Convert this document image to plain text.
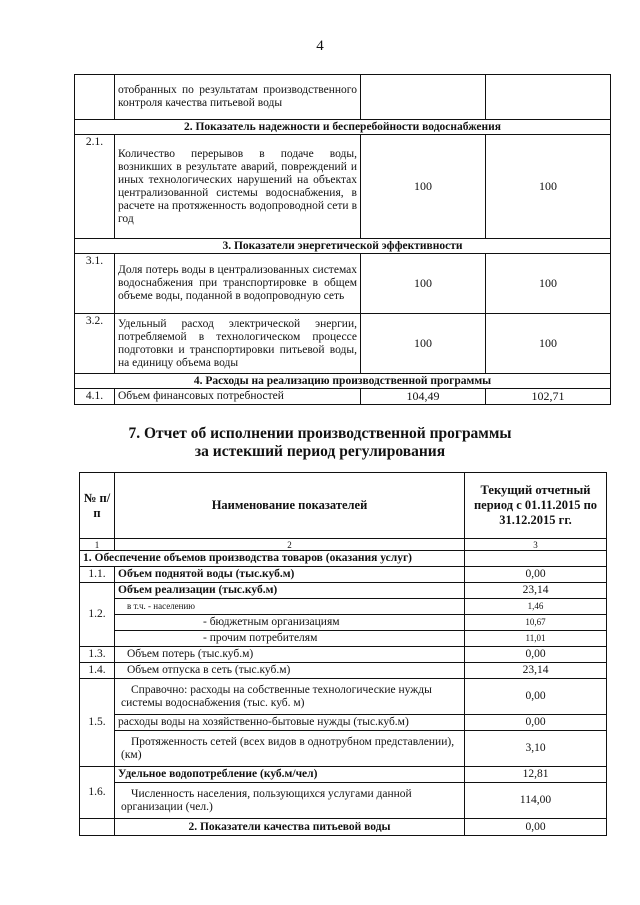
4
	отобранных по результатам производственного контроля качества питьевой воды		
2. Показатель надежности и бесперебойности водоснабжения			
2.1.	Количество перерывов в подаче воды, возникших в результате аварий, повреждений и иных технологических нарушений на объектах централизованной системы водоснабжения, в расчете на протяженность водопроводной сети в год	100	100
3. Показатели энергетической эффективности			
3.1.	Доля потерь воды в централизованных системах водоснабжения при транспортировке в общем объеме воды, поданной в водопроводную сеть	100	100
3.2.	Удельный расход электрической энергии, потребляемой в технологическом процессе подготовки и транспортировки питьевой воды, на единицу объема воды	100	100
4. Расходы на реализацию производственной программы			
4.1.	Объем финансовых потребностей	104,49	102,71
7. Отчет об исполнении производственной программы
за истекший период регулирования
№ п/п	Наименование показателей	Текущий отчетный период с 01.11.2015 по 31.12.2015 гг.
1	2	3
1. Обеспечение объемов производства товаров (оказания услуг)		
1.1.	Объем поднятой воды (тыс.куб.м)	0,00
1.2.	Объем реализации (тыс.куб.м)	23,14
	в т.ч. - населению	1,46
	- бюджетным организациям	10,67
	- прочим потребителям	11,01
1.3.	Объем потерь (тыс.куб.м)	0,00
1.4.	Объем отпуска в сеть (тыс.куб.м)	23,14
1.5.	Справочно: расходы на собственные технологические нужды системы водоснабжения (тыс. куб. м)	0,00
	расходы воды на хозяйственно-бытовые нужды (тыс.куб.м)	0,00
	Протяженность сетей (всех видов в однотрубном представлении), (км)	3,10
1.6.	Удельное водопотребление (куб.м/чел)	12,81
	Численность населения, пользующихся услугами данной организации (чел.)	114,00
	2. Показатели качества питьевой воды	0,00
